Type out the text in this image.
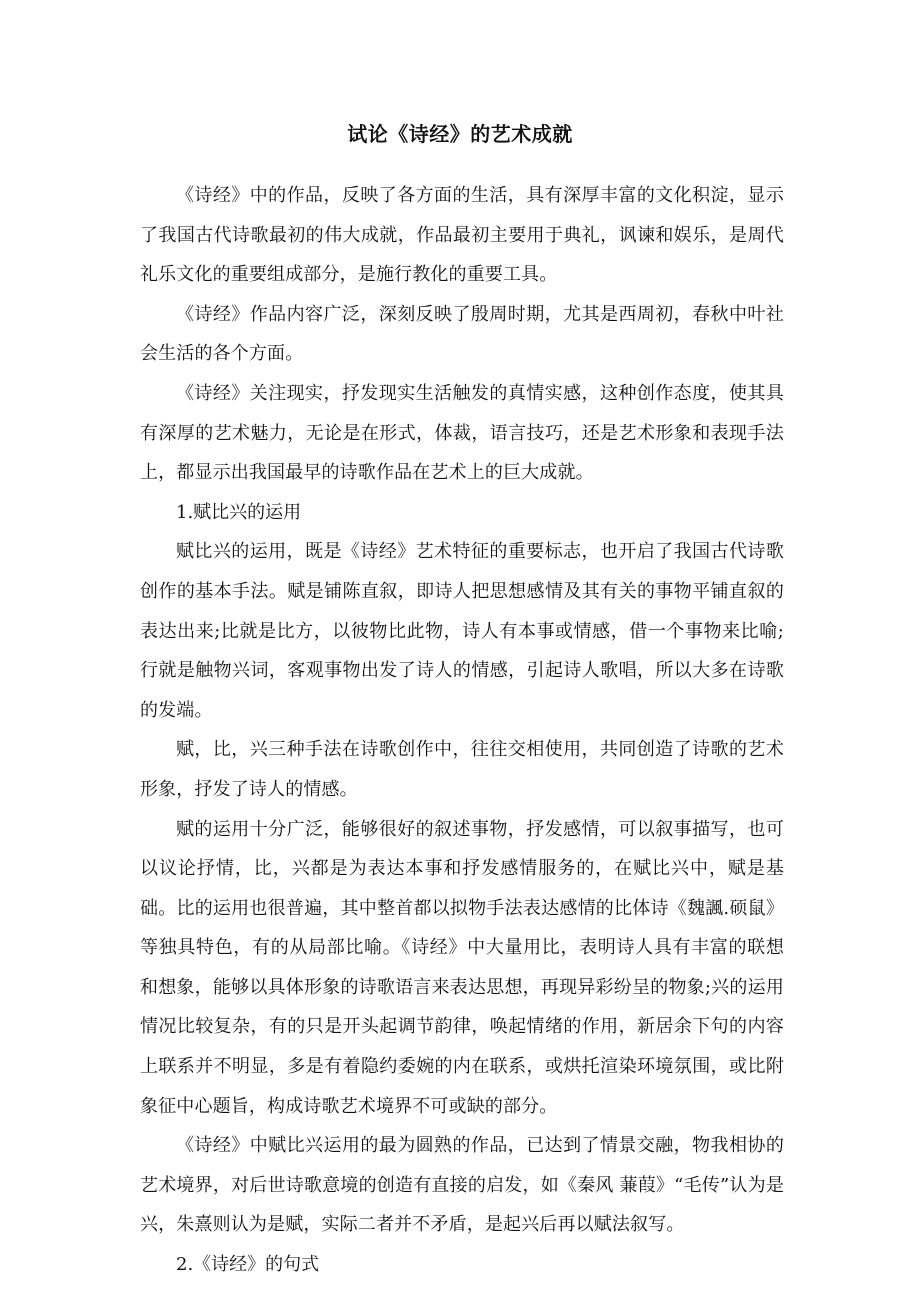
试论《诗经》的艺术成就

《诗经》中的作品，反映了各方面的生活，具有深厚丰富的文化积淀，显示了我国古代诗歌最初的伟大成就，作品最初主要用于典礼，讽谏和娱乐，是周代礼乐文化的重要组成部分，是施行教化的重要工具。

《诗经》作品内容广泛，深刻反映了殷周时期，尤其是西周初，春秋中叶社会生活的各个方面。

《诗经》关注现实，抒发现实生活触发的真情实感，这种创作态度，使其具有深厚的艺术魅力，无论是在形式，体裁，语言技巧，还是艺术形象和表现手法上，都显示出我国最早的诗歌作品在艺术上的巨大成就。

1.赋比兴的运用

赋比兴的运用，既是《诗经》艺术特征的重要标志，也开启了我国古代诗歌创作的基本手法。赋是铺陈直叙，即诗人把思想感情及其有关的事物平铺直叙的表达出来;比就是比方，以彼物比此物，诗人有本事或情感，借一个事物来比喻;行就是触物兴词，客观事物出发了诗人的情感，引起诗人歌唱，所以大多在诗歌的发端。

赋，比，兴三种手法在诗歌创作中，往往交相使用，共同创造了诗歌的艺术形象，抒发了诗人的情感。

赋的运用十分广泛，能够很好的叙述事物，抒发感情，可以叙事描写，也可以议论抒情，比，兴都是为表达本事和抒发感情服务的，在赋比兴中，赋是基础。比的运用也很普遍，其中整首都以拟物手法表达感情的比体诗《魏諷.硕鼠》等独具特色，有的从局部比喻。《诗经》中大量用比，表明诗人具有丰富的联想和想象，能够以具体形象的诗歌语言来表达思想，再现异彩纷呈的物象;兴的运用情况比较复杂，有的只是开头起调节韵律，唤起情绪的作用，新居余下句的内容上联系并不明显，多是有着隐约委婉的内在联系，或烘托渲染环境氛围，或比附象征中心题旨，构成诗歌艺术境界不可或缺的部分。

《诗经》中赋比兴运用的最为圆熟的作品，已达到了情景交融，物我相协的艺术境界，对后世诗歌意境的创造有直接的启发，如《秦风 蒹葭》“毛传”认为是兴，朱熹则认为是赋，实际二者并不矛盾，是起兴后再以赋法叙写。

2.《诗经》的句式
